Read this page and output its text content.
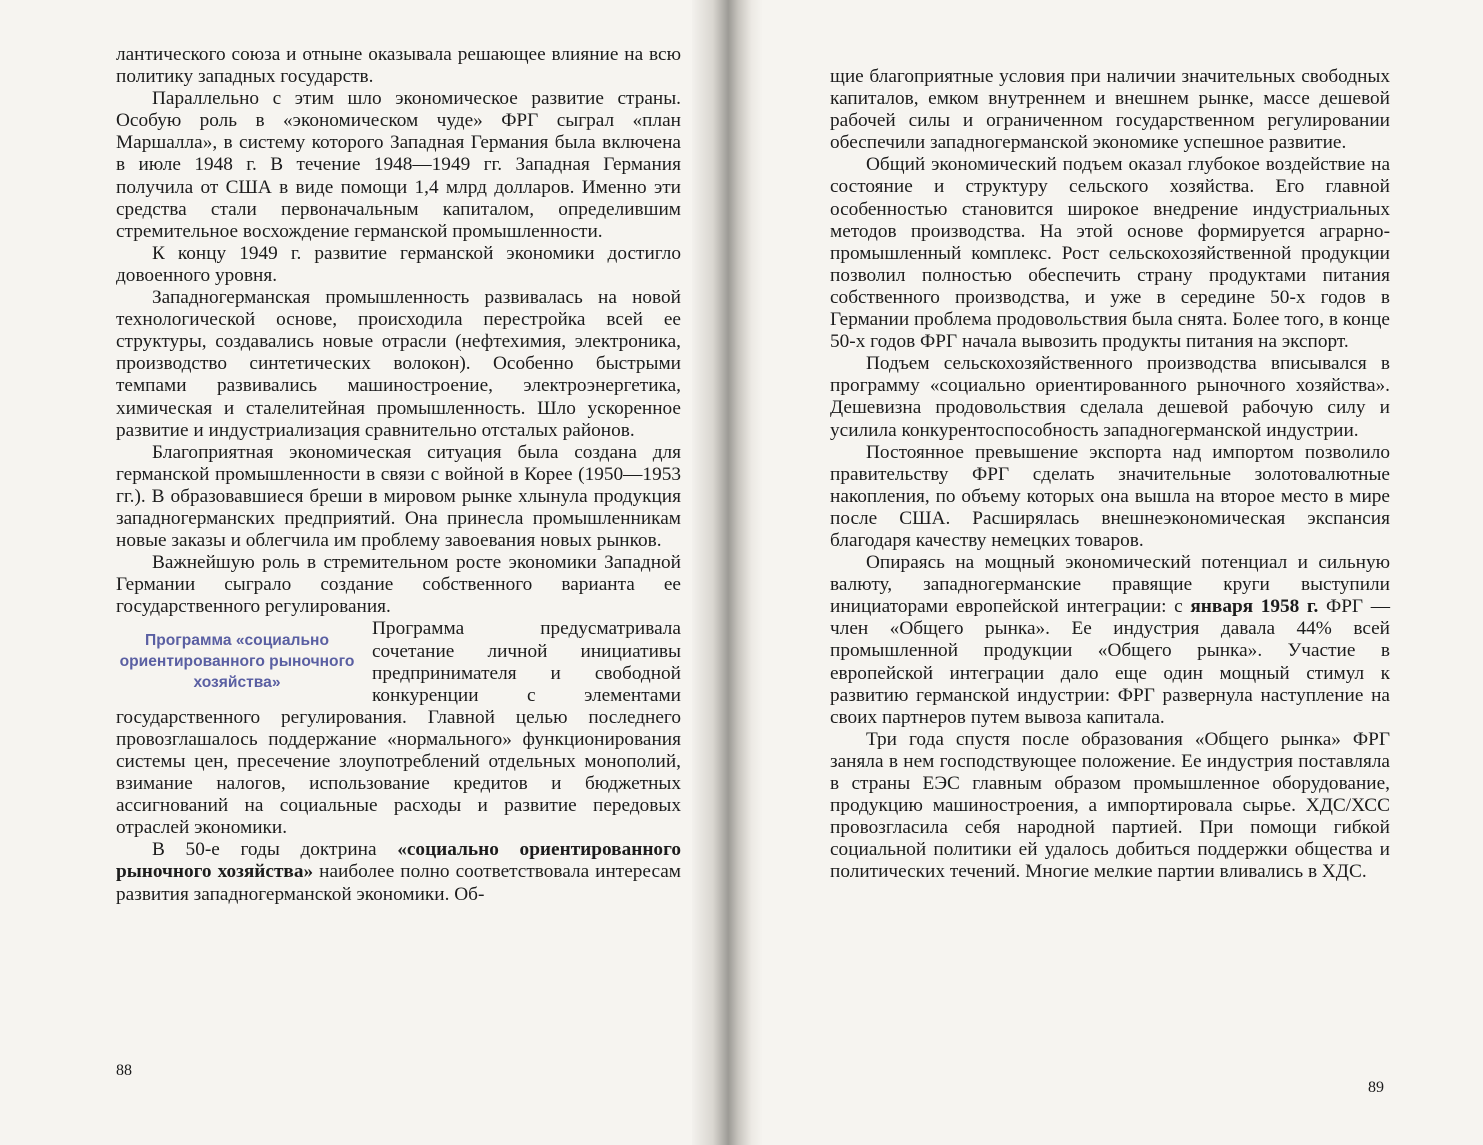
лантического союза и отныне оказывала решающее влияние на всю политику западных государств.

Параллельно с этим шло экономическое развитие страны. Особую роль в «экономическом чуде» ФРГ сыграл «план Маршалла», в систему которого Западная Германия была включена в июле 1948 г. В течение 1948—1949 гг. Западная Германия получила от США в виде помощи 1,4 млрд долларов. Именно эти средства стали первоначальным капиталом, определившим стремительное восхождение германской промышленности.

К концу 1949 г. развитие германской экономики достигло довоенного уровня.

Западногерманская промышленность развивалась на новой технологической основе, происходила перестройка всей ее структуры, создавались новые отрасли (нефтехимия, электроника, производство синтетических волокон). Особенно быстрыми темпами развивались машиностроение, электроэнергетика, химическая и сталелитейная промышленность. Шло ускоренное развитие и индустриализация сравнительно отсталых районов.

Благоприятная экономическая ситуация была создана для германской промышленности в связи с войной в Корее (1950—1953 гг.). В образовавшиеся бреши в мировом рынке хлынула продукция западногерманских предприятий. Она принесла промышленникам новые заказы и облегчила им проблему завоевания новых рынков.

Важнейшую роль в стремительном росте экономики Западной Германии сыграло создание собственного варианта ее государственного регулирования.

Программа «социально ориентированного рыночного хозяйства»

Программа предусматривала сочетание личной инициативы предпринимателя и свободной конкуренции с элементами государственного регулирования. Главной целью последнего провозглашалось поддержание «нормального» функционирования системы цен, пресечение злоупотреблений отдельных монополий, взимание налогов, использование кредитов и бюджетных ассигнований на социальные расходы и развитие передовых отраслей экономики.

В 50-е годы доктрина «социально ориентированного рыночного хозяйства» наиболее полно соответствовала интересам развития западногерманской экономики. Об-

88

щие благоприятные условия при наличии значительных свободных капиталов, емком внутреннем и внешнем рынке, массе дешевой рабочей силы и ограниченном государственном регулировании обеспечили западногерманской экономике успешное развитие.

Общий экономический подъем оказал глубокое воздействие на состояние и структуру сельского хозяйства. Его главной особенностью становится широкое внедрение индустриальных методов производства. На этой основе формируется аграрно-промышленный комплекс. Рост сельскохозяйственной продукции позволил полностью обеспечить страну продуктами питания собственного производства, и уже в середине 50-х годов в Германии проблема продовольствия была снята. Более того, в конце 50-х годов ФРГ начала вывозить продукты питания на экспорт.

Подъем сельскохозяйственного производства вписывался в программу «социально ориентированного рыночного хозяйства». Дешевизна продовольствия сделала дешевой рабочую силу и усилила конкурентоспособность западногерманской индустрии.

Постоянное превышение экспорта над импортом позволило правительству ФРГ сделать значительные золотовалютные накопления, по объему которых она вышла на второе место в мире после США. Расширялась внешнеэкономическая экспансия благодаря качеству немецких товаров.

Опираясь на мощный экономический потенциал и сильную валюту, западногерманские правящие круги выступили инициаторами европейской интеграции: с января 1958 г. ФРГ — член «Общего рынка». Ее индустрия давала 44% всей промышленной продукции «Общего рынка». Участие в европейской интеграции дало еще один мощный стимул к развитию германской индустрии: ФРГ развернула наступление на своих партнеров путем вывоза капитала.

Три года спустя после образования «Общего рынка» ФРГ заняла в нем господствующее положение. Ее индустрия поставляла в страны ЕЭС главным образом промышленное оборудование, продукцию машиностроения, а импортировала сырье. ХДС/ХСС провозгласила себя народной партией. При помощи гибкой социальной политики ей удалось добиться поддержки общества и политических течений. Многие мелкие партии вливались в ХДС.

89
